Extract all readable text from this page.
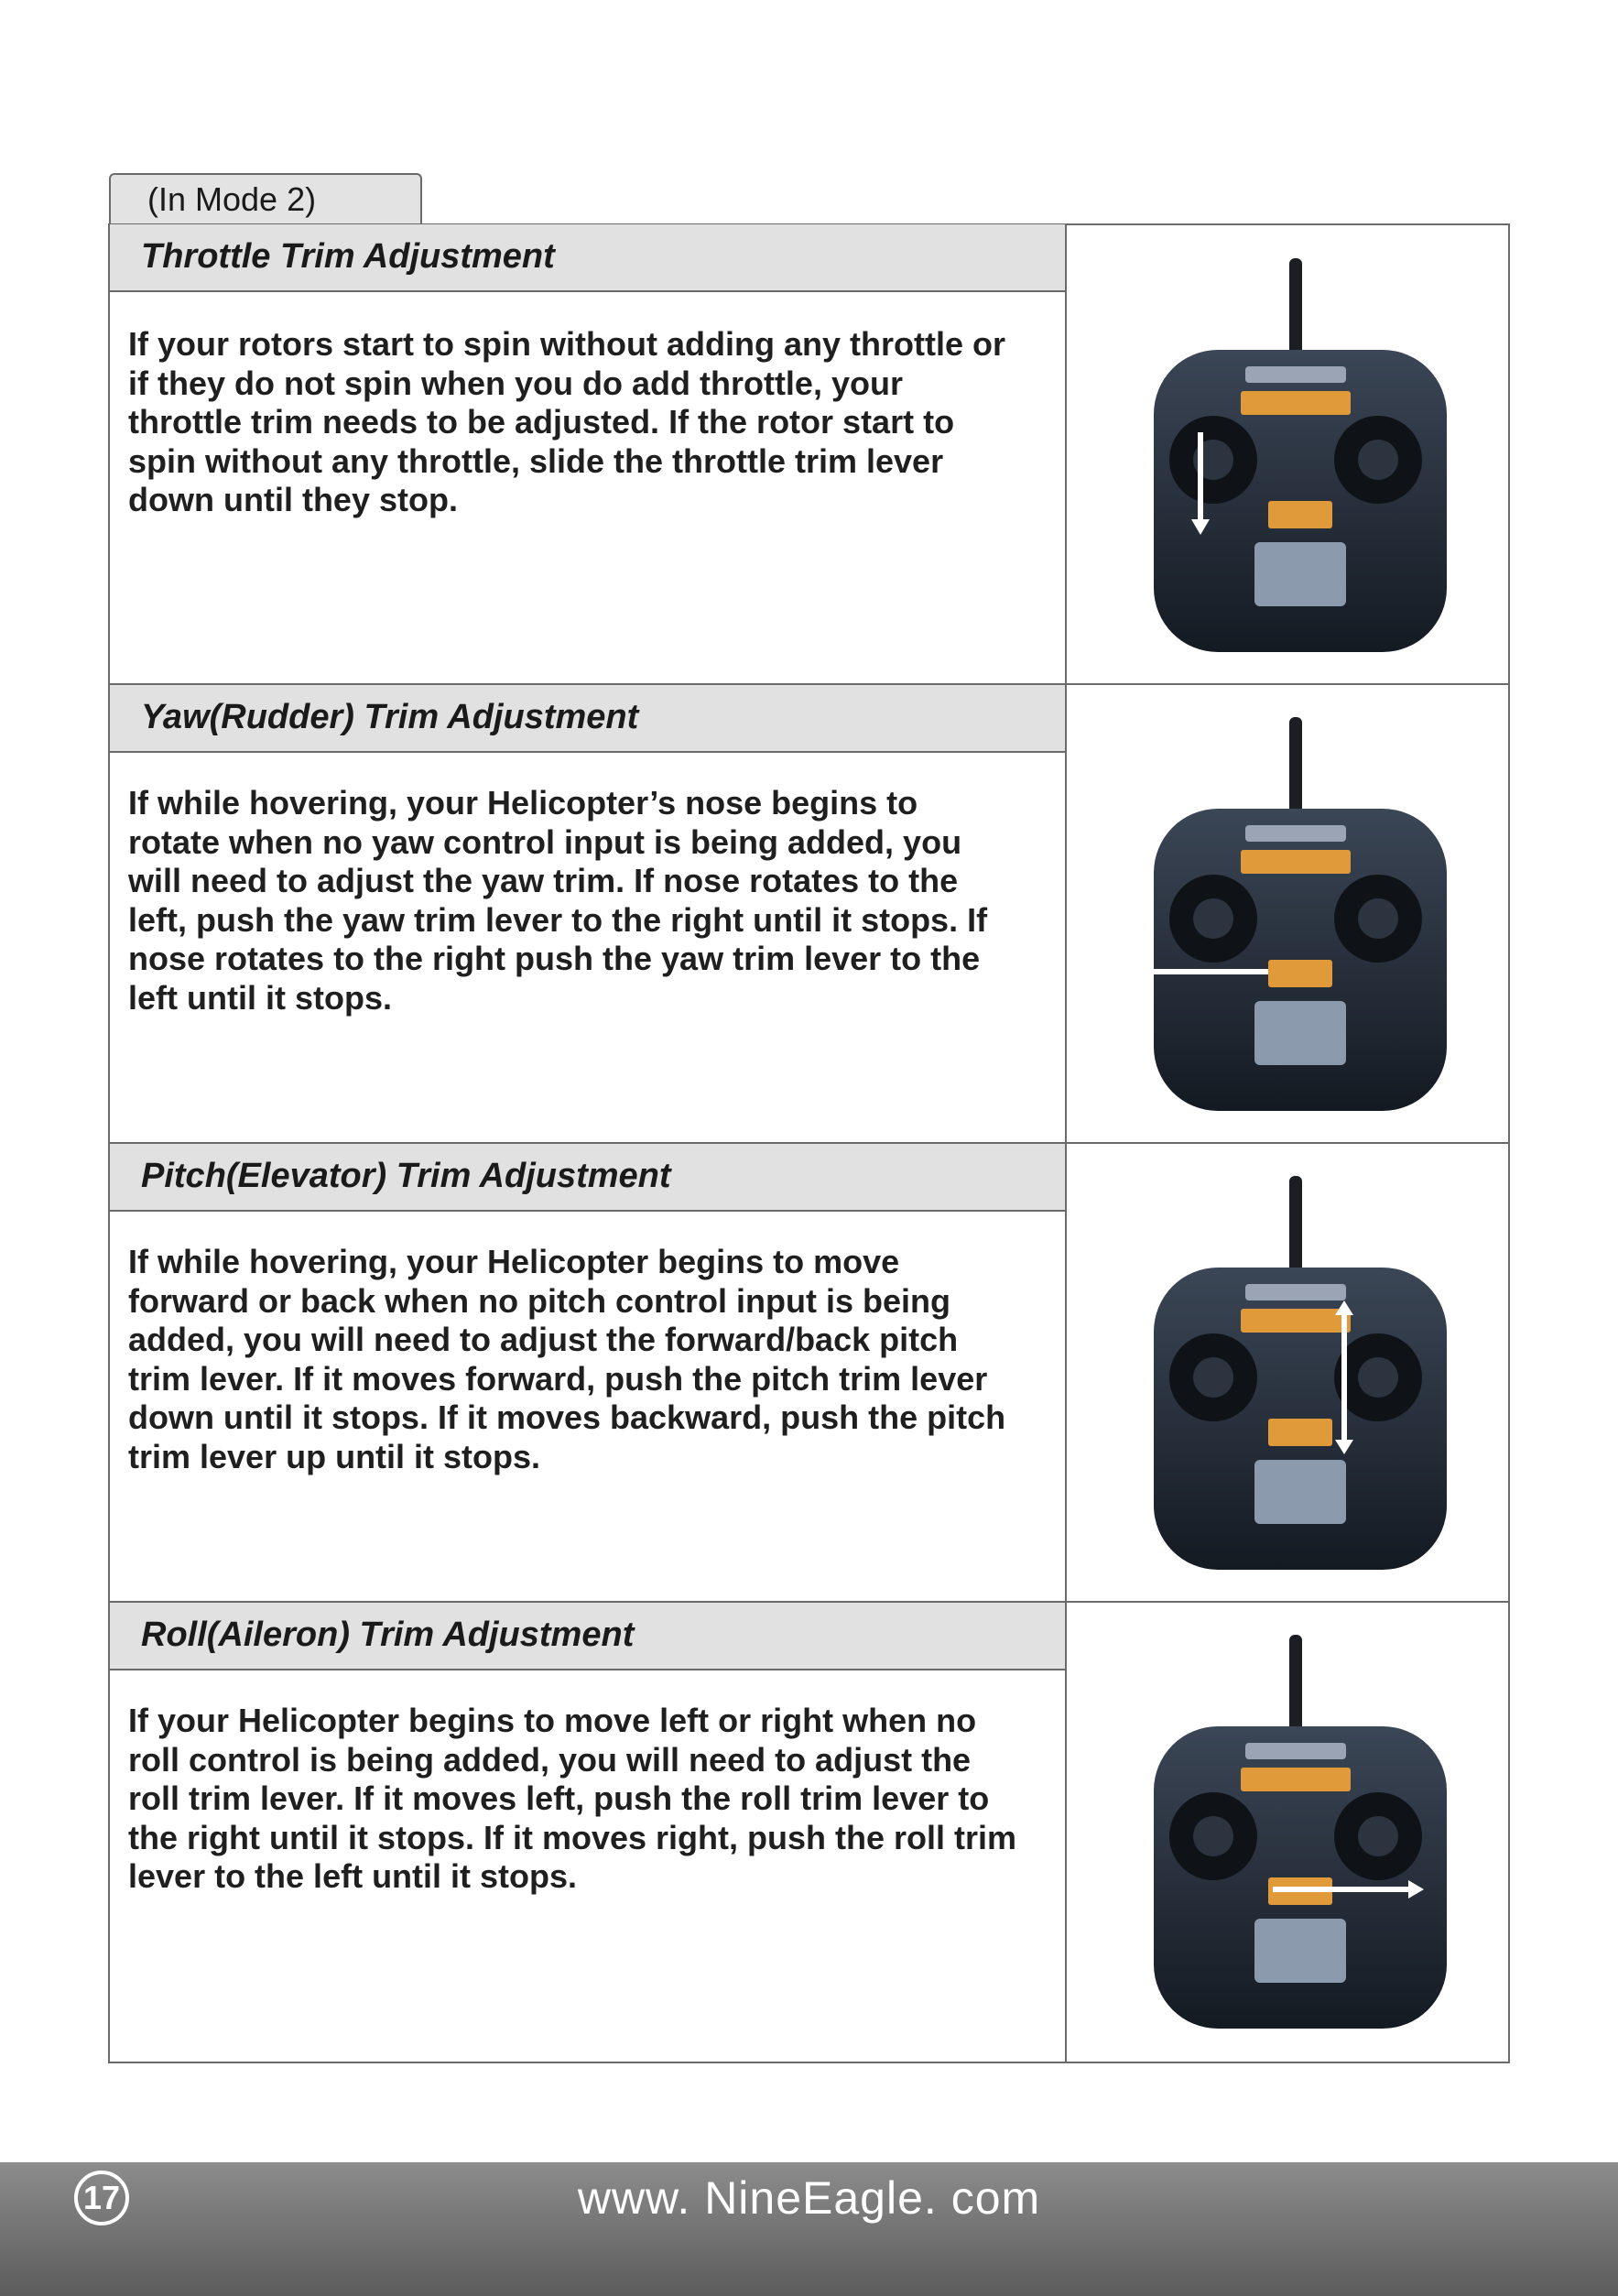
(In Mode 2)
Throttle Trim Adjustment
If your rotors start to spin without adding any throttle or
if they do not spin when you do add throttle, your
throttle trim needs to be adjusted. If the rotor start to
spin without any throttle, slide the throttle trim lever
down until they stop.
Yaw(Rudder) Trim Adjustment
If while hovering, your Helicopter’s nose begins to
rotate when no yaw control input is being added, you
will need to adjust the yaw trim. If nose rotates to the
left, push the yaw trim lever to the right until it stops. If
nose rotates to the right push the yaw trim lever to the
left until it stops.
Pitch(Elevator) Trim Adjustment
If while hovering, your Helicopter begins to move
forward or back when no pitch control input is being
added, you will need to adjust the forward/back pitch
trim lever. If it moves forward, push the pitch trim lever
down until it stops. If it moves backward, push the pitch
trim lever up until it stops.
Roll(Aileron) Trim Adjustment
If your Helicopter begins to move left or right when no
roll control is being added, you will need to adjust the
roll trim lever. If it moves left, push the roll trim lever to
the right until it stops. If it moves right, push the roll trim
lever to the left until it stops.
17	www. NineEagle. com
